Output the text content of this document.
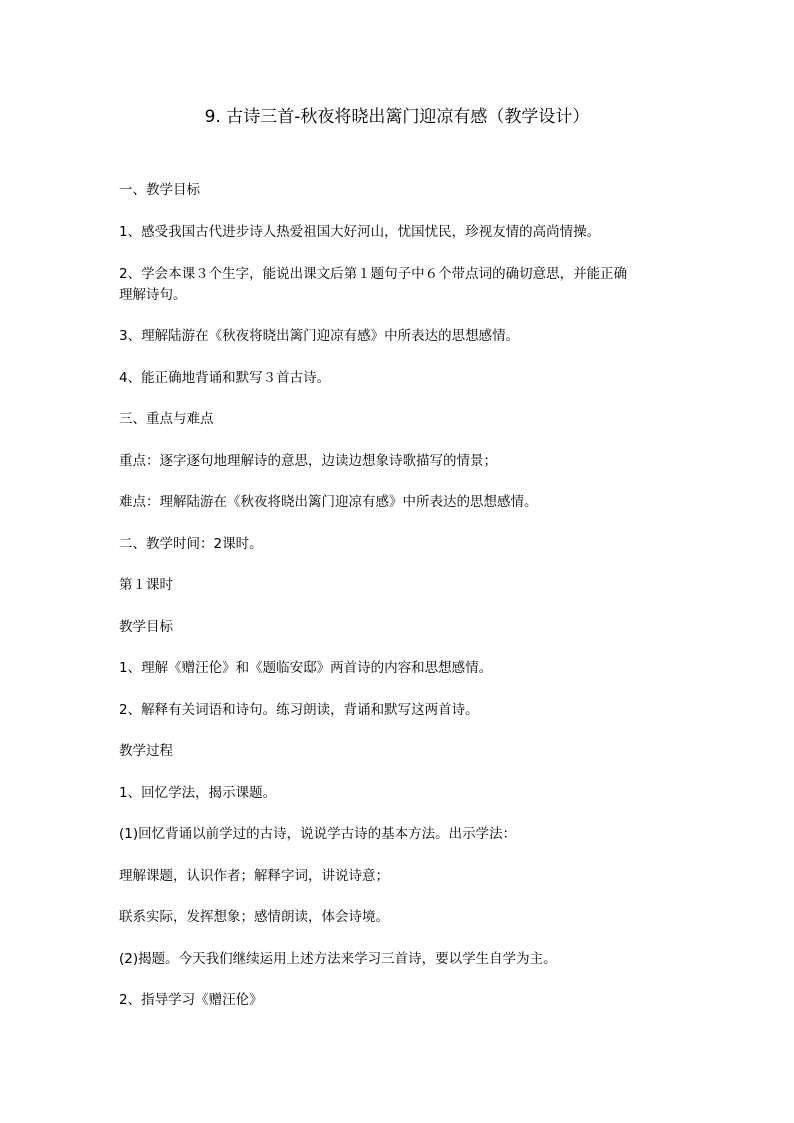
9. 古诗三首-秋夜将晓出篱门迎凉有感（教学设计）
一、教学目标
1、感受我国古代进步诗人热爱祖国大好河山，忧国忧民，珍视友情的高尚情操。
2、学会本课３个生字，能说出课文后第１题句子中６个带点词的确切意思，并能正确
理解诗句。
3、理解陆游在《秋夜将晓出篱门迎凉有感》中所表达的思想感情。
4、能正确地背诵和默写３首古诗。
三、重点与难点
重点：逐字逐句地理解诗的意思，边读边想象诗歌描写的情景；
难点：理解陆游在《秋夜将晓出篱门迎凉有感》中所表达的思想感情。
二、教学时间：2课时。
第１课时
教学目标
1、理解《赠汪伦》和《题临安邸》两首诗的内容和思想感情。
2、解释有关词语和诗句。练习朗读，背诵和默写这两首诗。
教学过程
1、回忆学法，揭示课题。
(1)回忆背诵以前学过的古诗，说说学古诗的基本方法。出示学法：
理解课题，认识作者；解释字词，讲说诗意；
联系实际，发挥想象；感情朗读，体会诗境。
(2)揭题。今天我们继续运用上述方法来学习三首诗，要以学生自学为主。
2、指导学习《赠汪伦》
